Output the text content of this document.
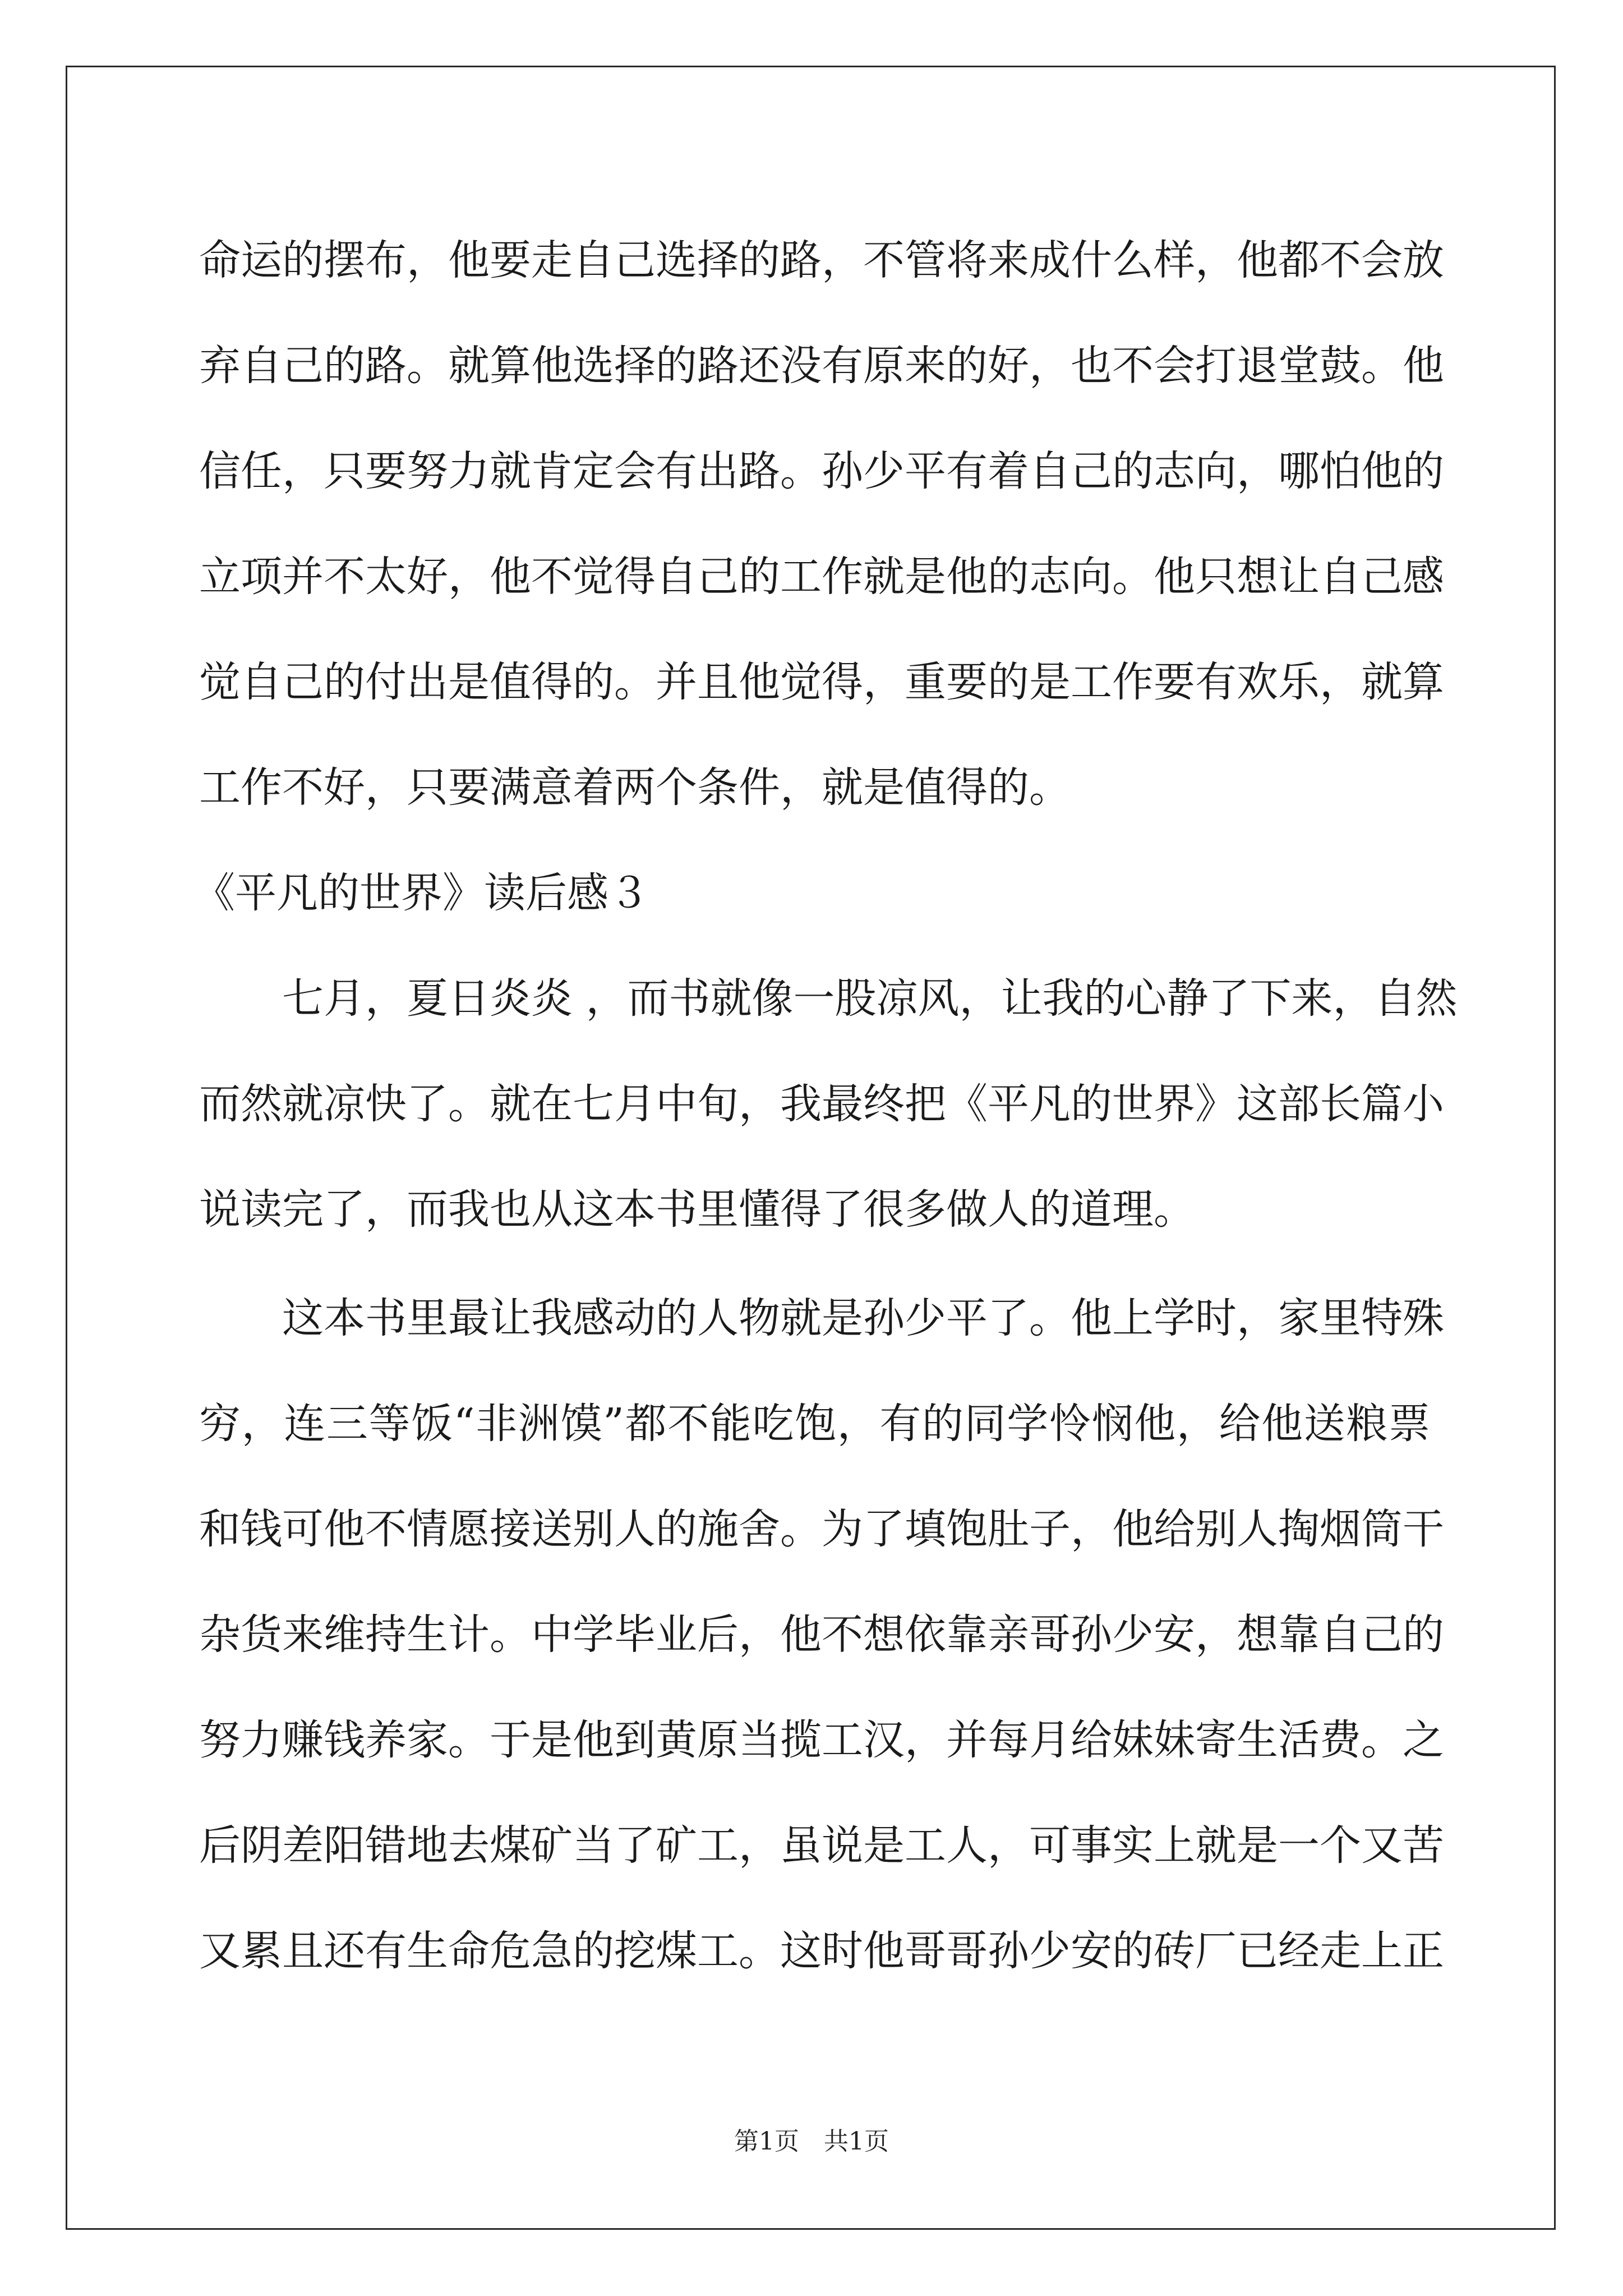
命运的摆布，他要走自己选择的路，不管将来成什么样，他都不会放
弃自己的路。就算他选择的路还没有原来的好，也不会打退堂鼓。他
信任，只要努力就肯定会有出路。孙少平有着自己的志向，哪怕他的
立项并不太好，他不觉得自己的工作就是他的志向。他只想让自己感
觉自己的付出是值得的。并且他觉得，重要的是工作要有欢乐，就算
工作不好，只要满意着两个条件，就是值得的。
《平凡的世界》读后感３
七月，夏日炎炎 ，而书就像一股凉风，让我的心静了下来，自然
而然就凉快了。就在七月中旬，我最终把《平凡的世界》这部长篇小
说读完了，而我也从这本书里懂得了很多做人的道理。
这本书里最让我感动的人物就是孙少平了。他上学时，家里特殊
穷，连三等饭“非洲馍”都不能吃饱，有的同学怜悯他，给他送粮票
和钱可他不情愿接送别人的施舍。为了填饱肚子，他给别人掏烟筒干
杂货来维持生计。中学毕业后，他不想依靠亲哥孙少安，想靠自己的
努力赚钱养家。于是他到黄原当揽工汉，并每月给妹妹寄生活费。之
后阴差阳错地去煤矿当了矿工，虽说是工人，可事实上就是一个又苦
又累且还有生命危急的挖煤工。这时他哥哥孙少安的砖厂已经走上正
第1页　共1页
